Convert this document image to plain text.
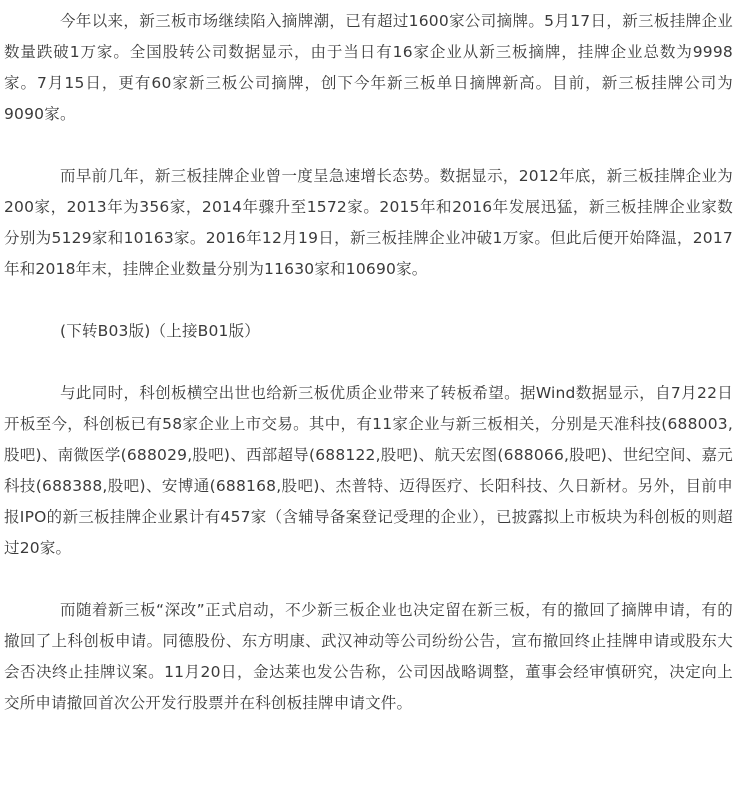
今年以来，新三板市场继续陷入摘牌潮，已有超过1600家公司摘牌。5月17日，新三板挂牌企业数量跌破1万家。全国股转公司数据显示，由于当日有16家企业从新三板摘牌，挂牌企业总数为9998家。7月15日，更有60家新三板公司摘牌，创下今年新三板单日摘牌新高。目前，新三板挂牌公司为9090家。

而早前几年，新三板挂牌企业曾一度呈急速增长态势。数据显示，2012年底，新三板挂牌企业为200家，2013年为356家，2014年骤升至1572家。2015年和2016年发展迅猛，新三板挂牌企业家数分别为5129家和10163家。2016年12月19日，新三板挂牌企业冲破1万家。但此后便开始降温，2017年和2018年末，挂牌企业数量分别为11630家和10690家。

(下转B03版)（上接B01版）

与此同时，科创板横空出世也给新三板优质企业带来了转板希望。据Wind数据显示，自7月22日开板至今，科创板已有58家企业上市交易。其中，有11家企业与新三板相关，分别是天准科技(688003,股吧)、南微医学(688029,股吧)、西部超导(688122,股吧)、航天宏图(688066,股吧)、世纪空间、嘉元科技(688388,股吧)、安博通(688168,股吧)、杰普特、迈得医疗、长阳科技、久日新材。另外，目前申报IPO的新三板挂牌企业累计有457家（含辅导备案登记受理的企业），已披露拟上市板块为科创板的则超过20家。

而随着新三板“深改”正式启动，不少新三板企业也决定留在新三板，有的撤回了摘牌申请，有的撤回了上科创板申请。同德股份、东方明康、武汉神动等公司纷纷公告，宣布撤回终止挂牌申请或股东大会否决终止挂牌议案。11月20日，金达莱也发公告称，公司因战略调整，董事会经审慎研究，决定向上交所申请撤回首次公开发行股票并在科创板挂牌申请文件。
